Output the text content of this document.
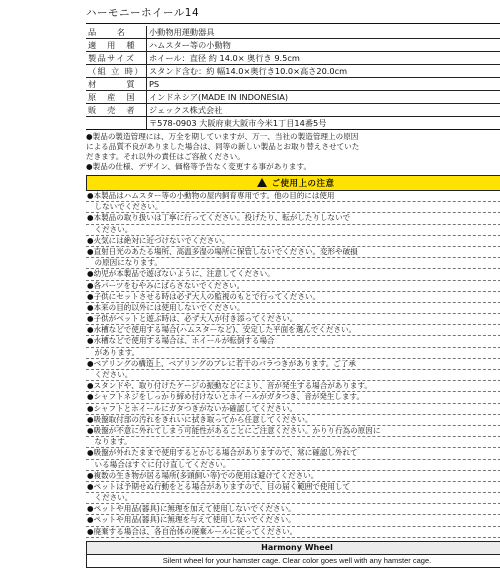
ハーモニーホイール14
品　　名	小動物用運動器具
適　用　種	ハムスター等の小動物
製品サイズ	ホイール：直径 約 14.0× 奥行き 9.5cm
（組 立 時）	スタンド含む：約 幅14.0×奥行き10.0×高さ20.0cm
材　　　質	PS
原　産　国	インドネシア(MADE IN INDONESIA)
販　売　者	ジェックス株式会社
	〒578-0903 大阪府東大阪市今米1丁目14番5号
●製品の製造管理には、万全を期していますが、万一、当社の製造管理上の原因
による品質不良がありました場合は、同等の新しい製品とお取り替えさせていた
だきます。それ以外の責任はご容赦ください。
●製品の仕様、デザイン、価格等予告なく変更する事があります。
ご使用上の注意
●本製品はハムスター等の小動物の屋内飼育専用です。他の目的には使用
　しないでください。
●本製品の取り扱いは丁寧に行ってください。投げたり、転がしたりしないで
　ください。
●火気には絶対に近づけないでください。
●直射日光のあたる場所、高温多湿の場所に保管しないでください。変形や破損
　の原因になります。
●幼児が本製品で遊ばないように、注意してください。
●各パーツをむやみにばらさないでください。
●子供にセットさせる時は必ず大人の監視のもとで行ってください。
●本来の目的以外には使用しないでください。
●子供がペットと遊ぶ時は、必ず大人が付き添ってください。
●水槽などで使用する場合(ハムスターなど)、安定した平面を選んでください。
●水槽などで使用する場合は、ホイールが転倒する場合
　があります。
●ベアリングの構造上、ベアリングのブレに若干のバラつきがあります。ご了承
　ください。
●スタンドや、取り付けたケージの振動などにより、音が発生する場合があります。
●シャフトネジをしっかり締め付けないとホイールがガタつき、音が発生します。
●シャフトとホイールにガタつきがないか確認してください。
●吸盤取付部の汚れをきれいに拭き取ってから任意してください。
●吸盤が不意に外れてしまう可能性があることにご注意ください。かりり行為の原因に
　なります。
●吸盤が外れたままで使用するとかじる場合がありますので、常に確認し外れて
　いる場合はすぐに付け直してください。
●複数の生き物が居る場所(多頭飼い等)での使用は避けてください。
●ペットは予期せぬ行動をとる場合がありますので、目の届く範囲で使用して
　ください。
●ペットや用品(器具)に無理を加えて使用しないでください。
●ペットや用品(器具)に無理を与えて使用しないでください。
●廃棄する場合は、各自治体の廃棄ルールに従ってください。
Harmony Wheel
Silent wheel for your hamster cage. Clear color goes well with any hamster cage.
